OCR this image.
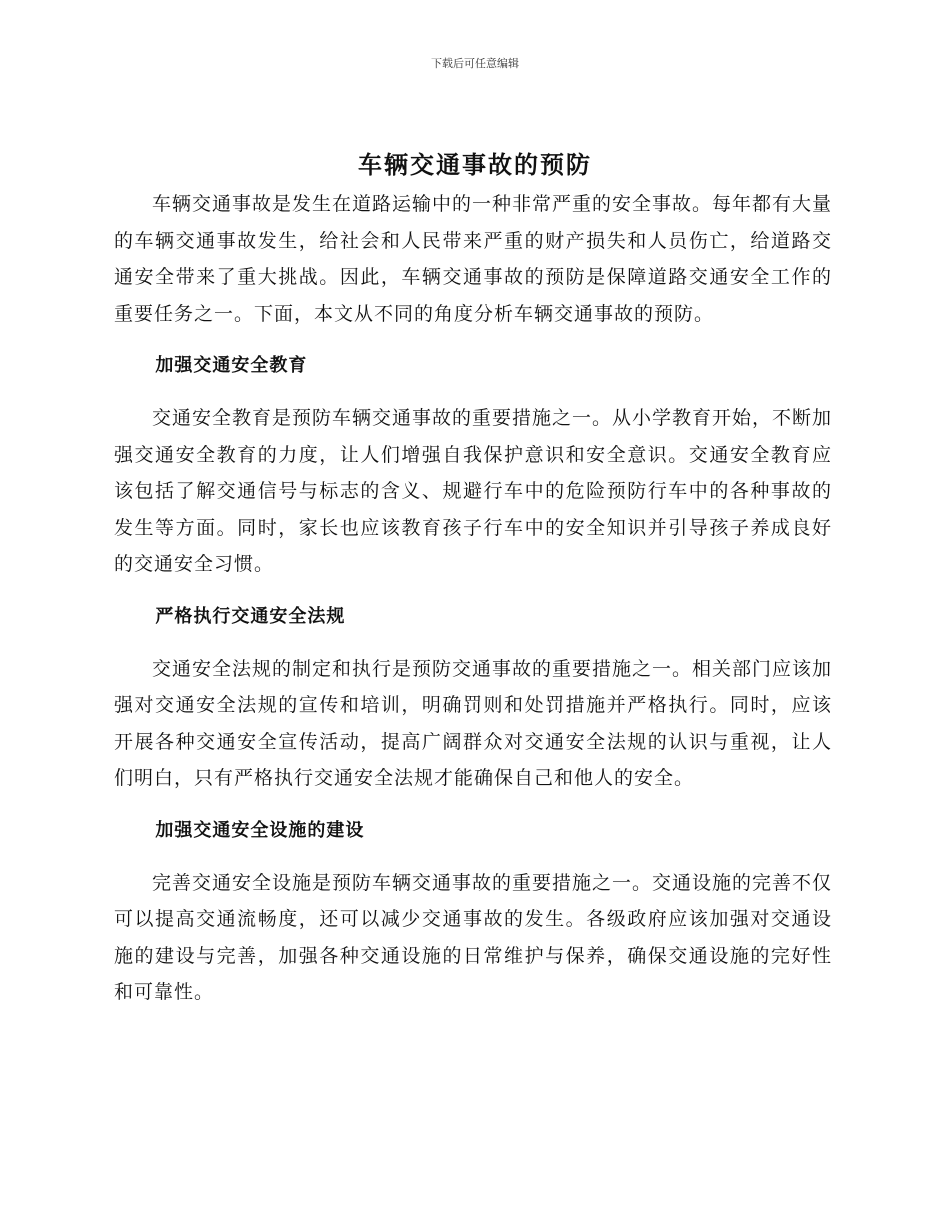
下载后可任意编辑
车辆交通事故的预防

车辆交通事故是发生在道路运输中的一种非常严重的安全事故。每年都有大量的车辆交通事故发生，给社会和人民带来严重的财产损失和人员伤亡，给道路交通安全带来了重大挑战。因此，车辆交通事故的预防是保障道路交通安全工作的重要任务之一。下面，本文从不同的角度分析车辆交通事故的预防。

加强交通安全教育

交通安全教育是预防车辆交通事故的重要措施之一。从小学教育开始，不断加强交通安全教育的力度，让人们增强自我保护意识和安全意识。交通安全教育应该包括了解交通信号与标志的含义、规避行车中的危险预防行车中的各种事故的发生等方面。同时，家长也应该教育孩子行车中的安全知识并引导孩子养成良好的交通安全习惯。

严格执行交通安全法规

交通安全法规的制定和执行是预防交通事故的重要措施之一。相关部门应该加强对交通安全法规的宣传和培训，明确罚则和处罚措施并严格执行。同时，应该开展各种交通安全宣传活动，提高广阔群众对交通安全法规的认识与重视，让人们明白，只有严格执行交通安全法规才能确保自己和他人的安全。

加强交通安全设施的建设

完善交通安全设施是预防车辆交通事故的重要措施之一。交通设施的完善不仅可以提高交通流畅度，还可以减少交通事故的发生。各级政府应该加强对交通设施的建设与完善，加强各种交通设施的日常维护与保养，确保交通设施的完好性和可靠性。
